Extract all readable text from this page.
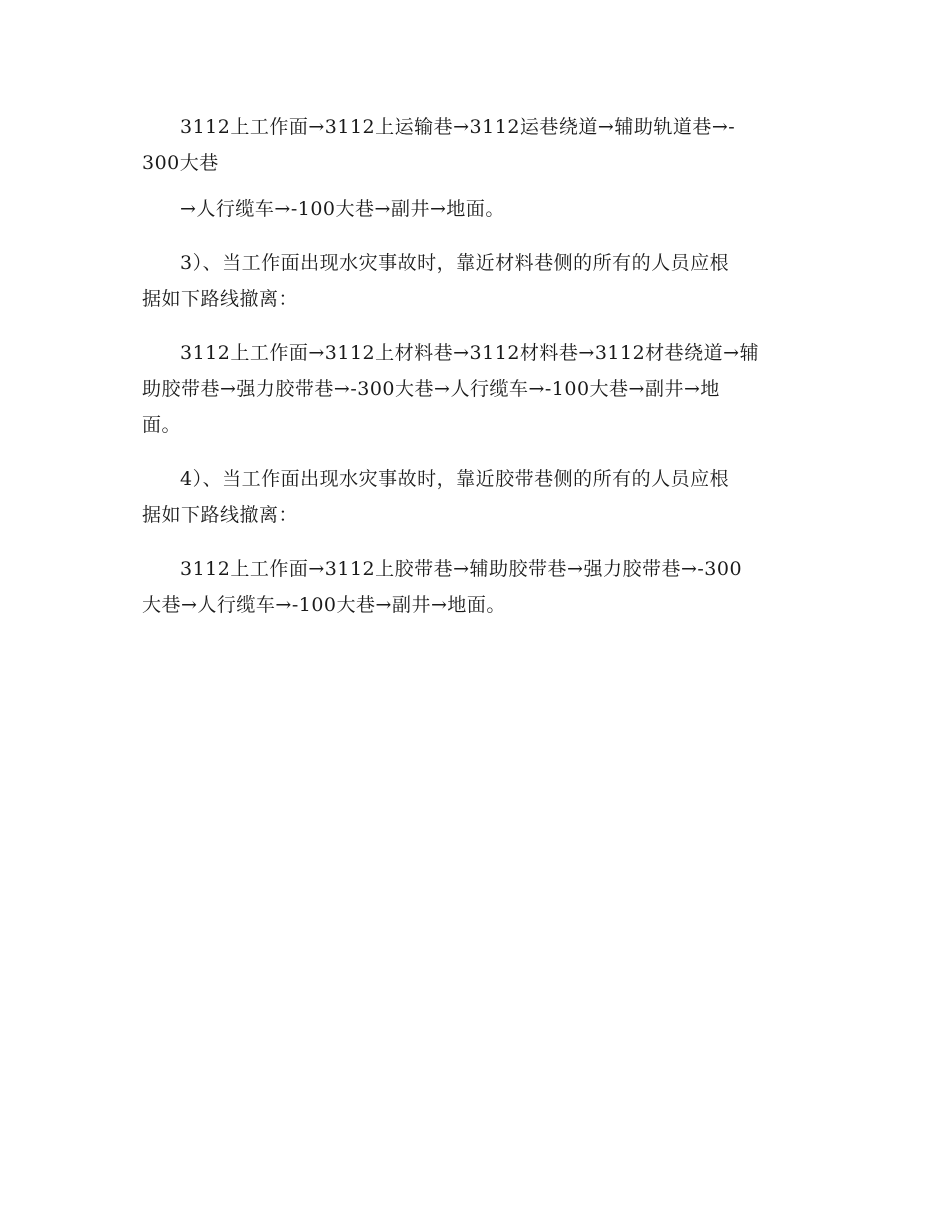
3112上工作面→3112上运输巷→3112运巷绕道→辅助轨道巷→-
300大巷
→人行缆车→-100大巷→副井→地面。
3）、当工作面出现水灾事故时，靠近材料巷侧的所有的人员应根
据如下路线撤离：
3112上工作面→3112上材料巷→3112材料巷→3112材巷绕道→辅
助胶带巷→强力胶带巷→-300大巷→人行缆车→-100大巷→副井→地
面。
4）、当工作面出现水灾事故时，靠近胶带巷侧的所有的人员应根
据如下路线撤离：
3112上工作面→3112上胶带巷→辅助胶带巷→强力胶带巷→-300
大巷→人行缆车→-100大巷→副井→地面。
